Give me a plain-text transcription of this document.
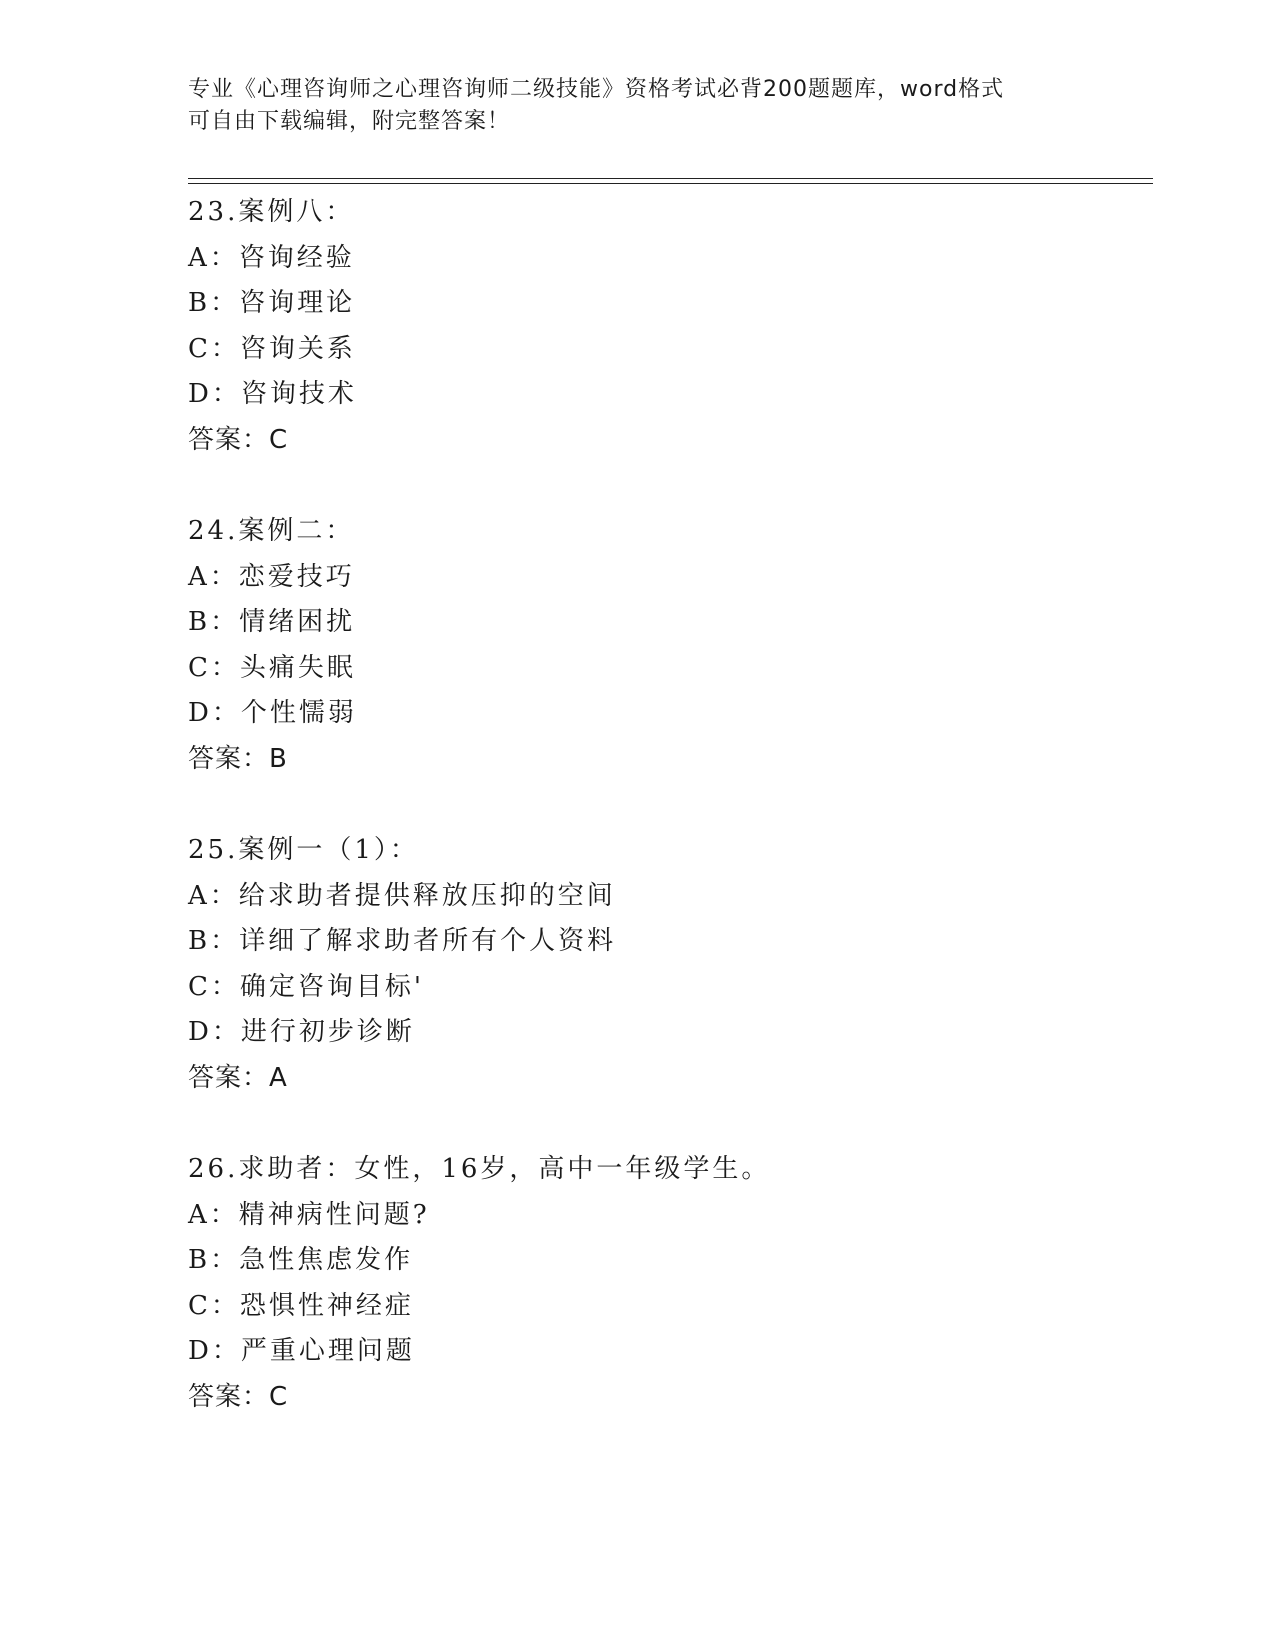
专业《心理咨询师之心理咨询师二级技能》资格考试必背200题题库，word格式
可自由下载编辑，附完整答案！
23.案例八：
A：咨询经验
B：咨询理论
C：咨询关系
D：咨询技术
答案：C
24.案例二：
A：恋爱技巧
B：情绪困扰
C：头痛失眠
D：个性懦弱
答案：B
25.案例一（1）：
A：给求助者提供释放压抑的空间
B：详细了解求助者所有个人资料
C：确定咨询目标'
D：进行初步诊断
答案：A
26.求助者：女性，16岁，高中一年级学生。
A：精神病性问题?
B：急性焦虑发作
C：恐惧性神经症
D：严重心理问题
答案：C
